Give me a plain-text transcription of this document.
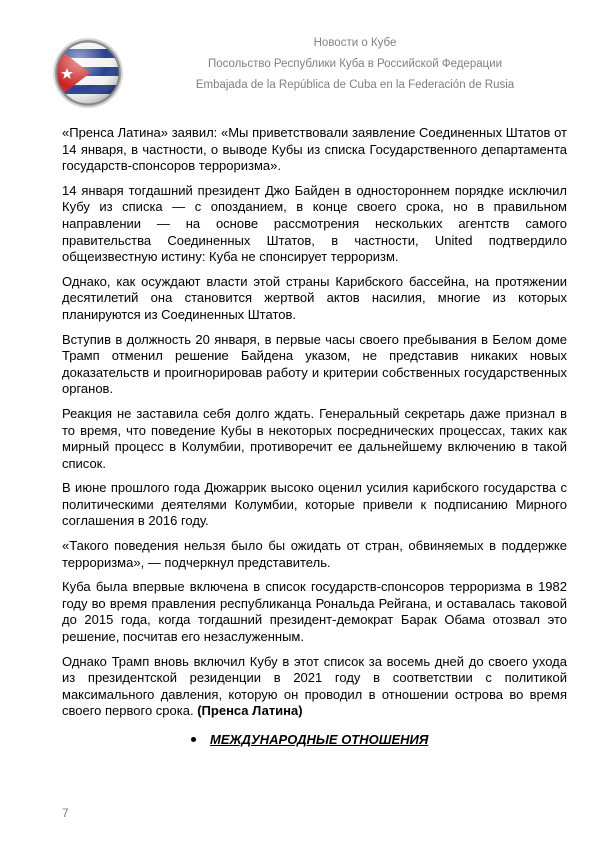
Новости о Кубе
Посольство Республики Куба в Российской Федерации
Embajada de la República de Cuba en la Federación de Rusia

«Пренса Латина» заявил: «Мы приветствовали заявление Соединенных Штатов от 14 января, в частности, о выводе Кубы из списка Государственного департамента государств-спонсоров терроризма».

14 января тогдашний президент Джо Байден в одностороннем порядке исключил Кубу из списка — с опозданием, в конце своего срока, но в правильном направлении — на основе рассмотрения нескольких агентств самого правительства Соединенных Штатов, в частности, United подтвердило общеизвестную истину: Куба не спонсирует терроризм.

Однако, как осуждают власти этой страны Карибского бассейна, на протяжении десятилетий она становится жертвой актов насилия, многие из которых планируются из Соединенных Штатов.

Вступив в должность 20 января, в первые часы своего пребывания в Белом доме Трамп отменил решение Байдена указом, не представив никаких новых доказательств и проигнорировав работу и критерии собственных государственных органов.

Реакция не заставила себя долго ждать. Генеральный секретарь даже признал в то время, что поведение Кубы в некоторых посреднических процессах, таких как мирный процесс в Колумбии, противоречит ее дальнейшему включению в такой список.

В июне прошлого года Дюжаррик высоко оценил усилия карибского государства с политическими деятелями Колумбии, которые привели к подписанию Мирного соглашения в 2016 году.

«Такого поведения нельзя было бы ожидать от стран, обвиняемых в поддержке терроризма», — подчеркнул представитель.

Куба была впервые включена в список государств-спонсоров терроризма в 1982 году во время правления республиканца Рональда Рейгана, и оставалась таковой до 2015 года, когда тогдашний президент-демократ Барак Обама отозвал это решение, посчитав его незаслуженным.

Однако Трамп вновь включил Кубу в этот список за восемь дней до своего ухода из президентской резиденции в 2021 году в соответствии с политикой максимального давления, которую он проводил в отношении острова во время своего первого срока. (Пренса Латина)

МЕЖДУНАРОДНЫЕ ОТНОШЕНИЯ
7
